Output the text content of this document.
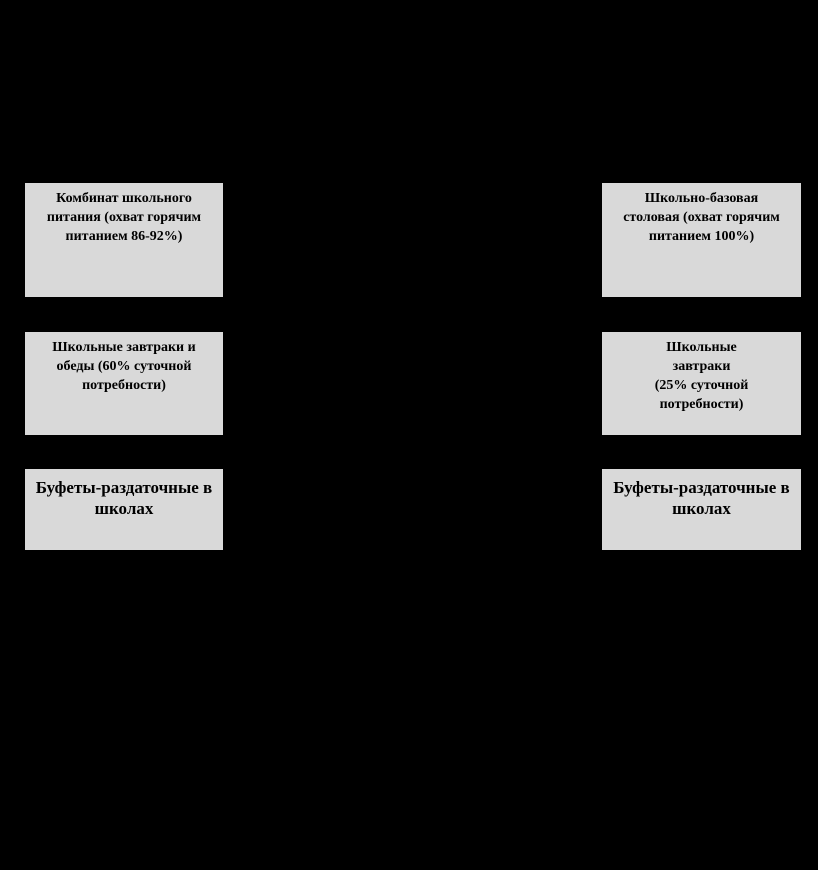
Комбинат школьного питания (охват горячим питанием 86-92%)
Школьные завтраки и обеды (60% суточной потребности)
Буфеты-раздаточные в школах
Школьно-базовая столовая (охват горячим питанием 100%)
Школьные завтраки
(25% суточной потребности)
Буфеты-раздаточные в школах
